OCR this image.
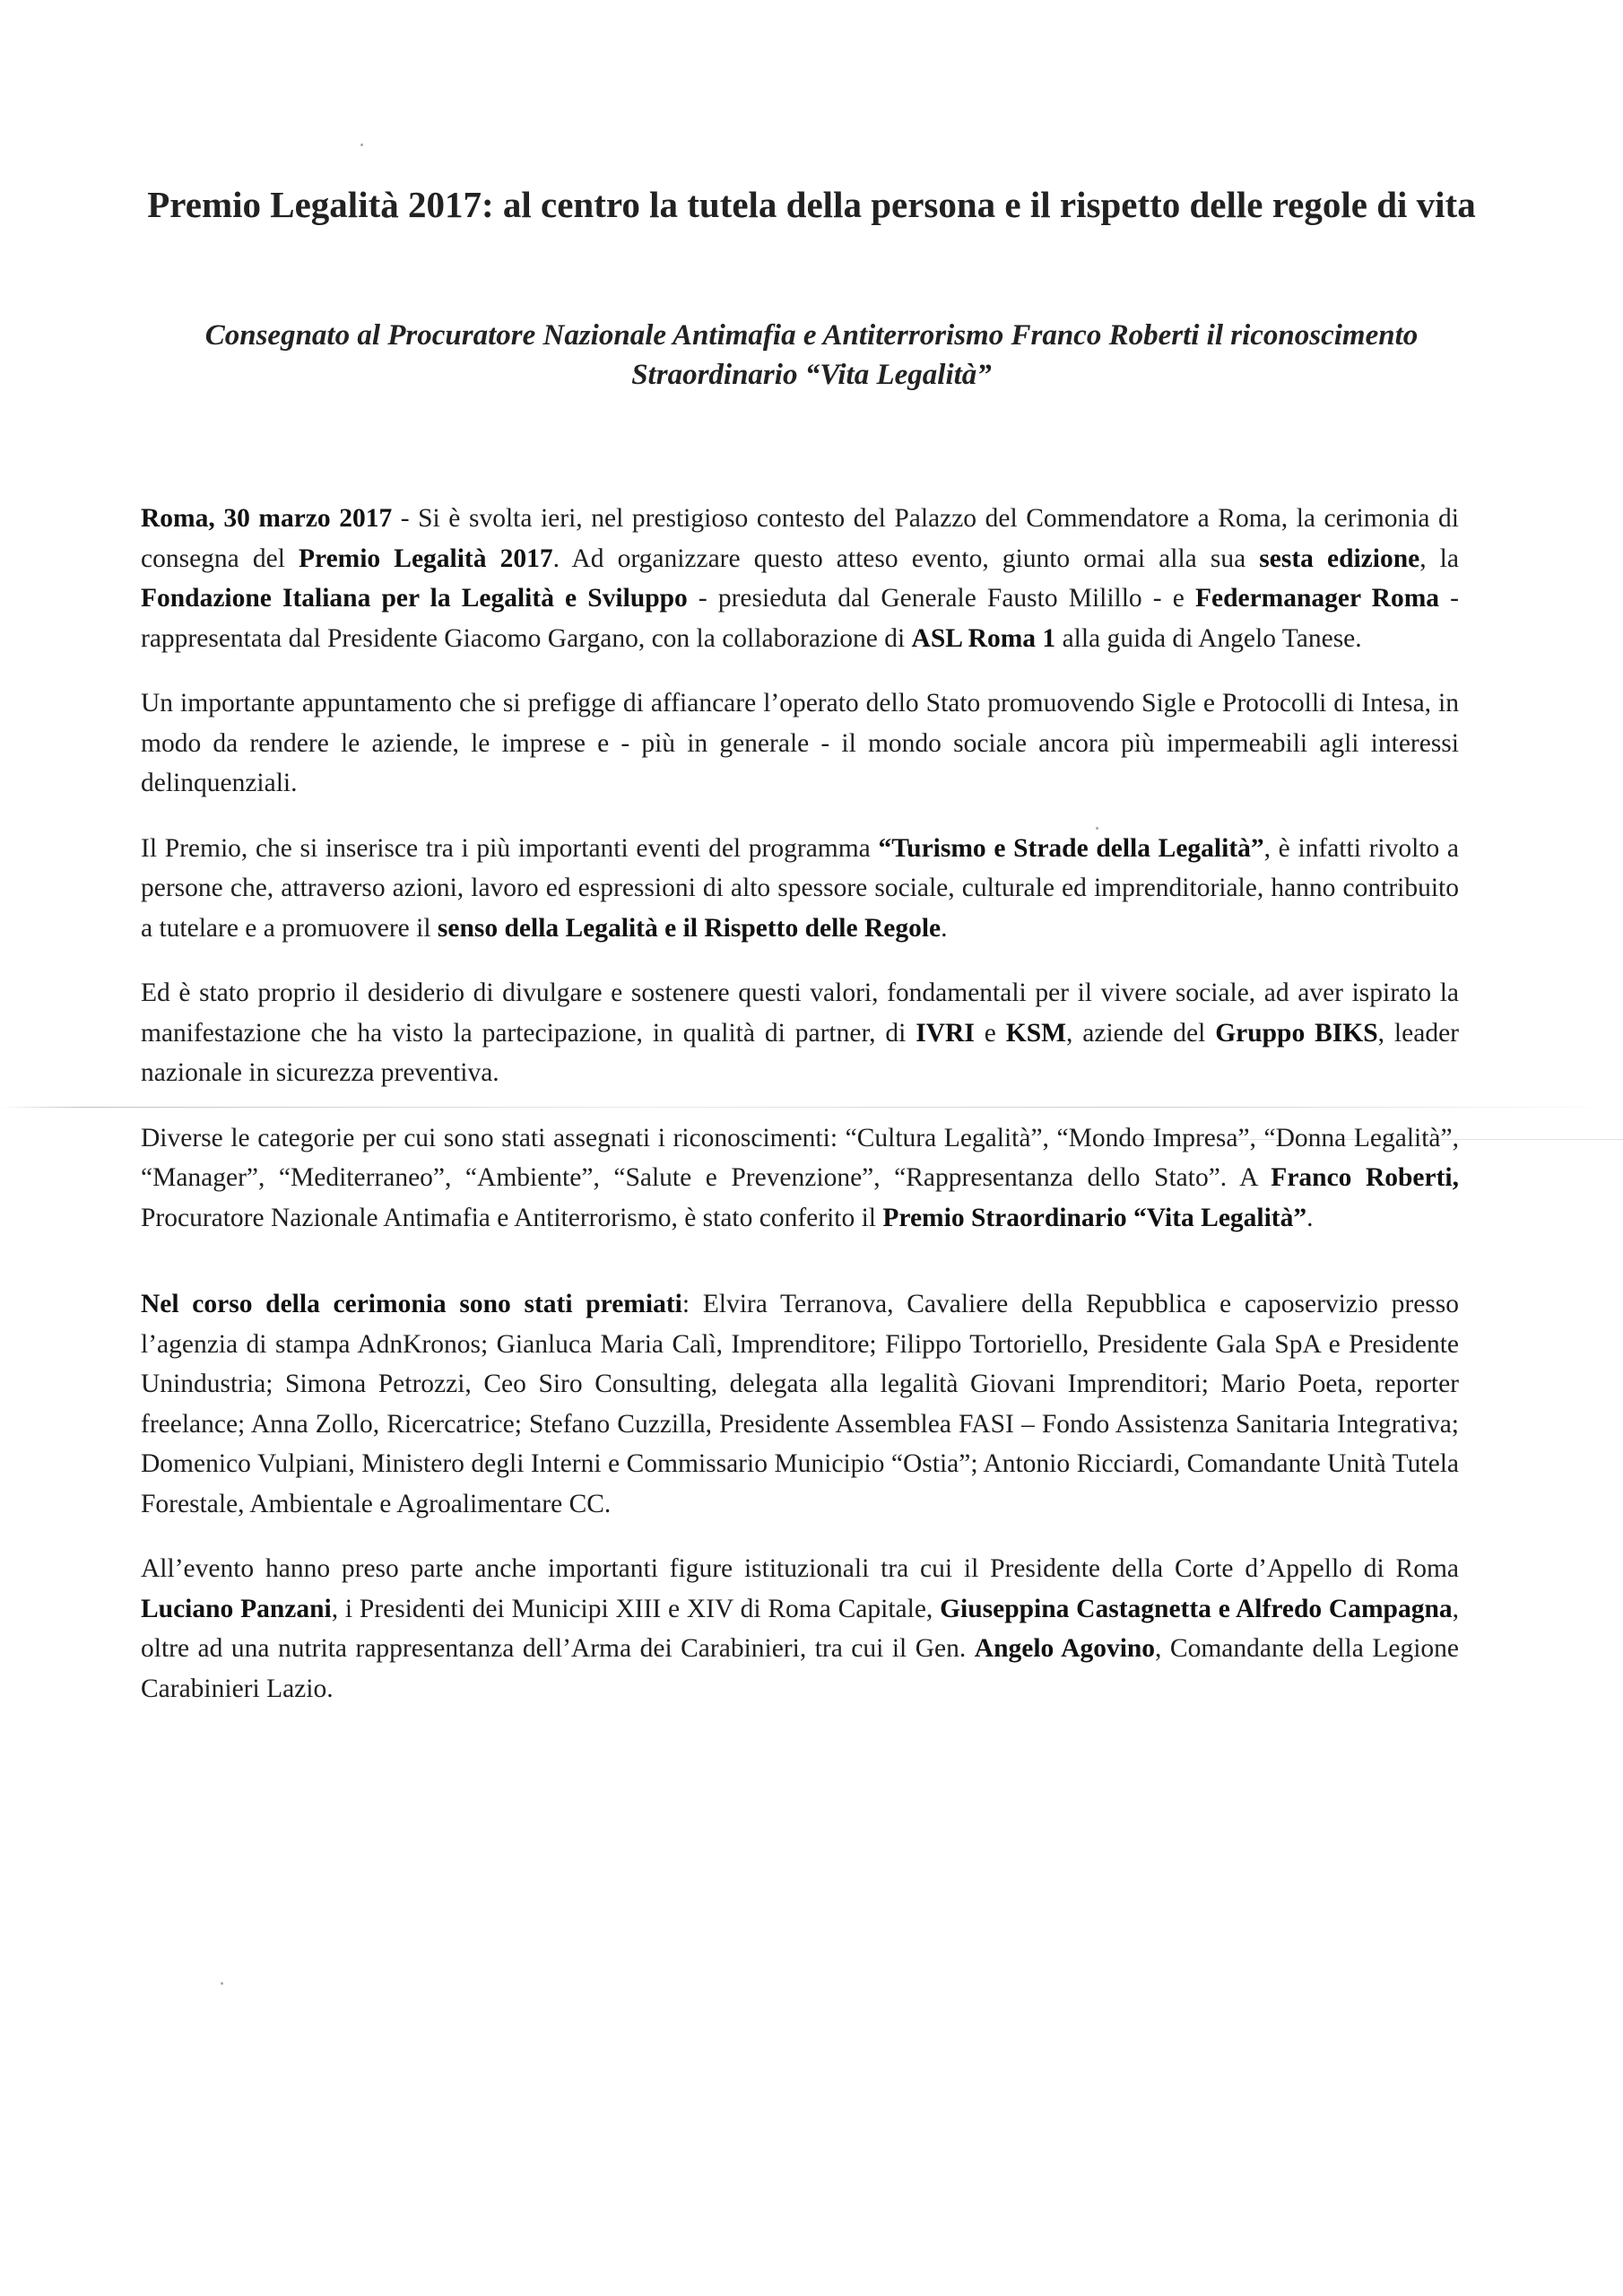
Premio Legalità 2017: al centro la tutela della persona e il rispetto delle regole di vita
Consegnato al Procuratore Nazionale Antimafia e Antiterrorismo Franco Roberti il riconoscimento Straordinario “Vita Legalità”

Roma, 30 marzo 2017 - Si è svolta ieri, nel prestigioso contesto del Palazzo del Commendatore a Roma, la cerimonia di consegna del Premio Legalità 2017. Ad organizzare questo atteso evento, giunto ormai alla sua sesta edizione, la Fondazione Italiana per la Legalità e Sviluppo - presieduta dal Generale Fausto Milillo - e Federmanager Roma - rappresentata dal Presidente Giacomo Gargano, con la collaborazione di ASL Roma 1 alla guida di Angelo Tanese.

Un importante appuntamento che si prefigge di affiancare l’operato dello Stato promuovendo Sigle e Protocolli di Intesa, in modo da rendere le aziende, le imprese e - più in generale - il mondo sociale ancora più impermeabili agli interessi delinquenziali.

Il Premio, che si inserisce tra i più importanti eventi del programma “Turismo e Strade della Legalità”, è infatti rivolto a persone che, attraverso azioni, lavoro ed espressioni di alto spessore sociale, culturale ed imprenditoriale, hanno contribuito a tutelare e a promuovere il senso della Legalità e il Rispetto delle Regole.

Ed è stato proprio il desiderio di divulgare e sostenere questi valori, fondamentali per il vivere sociale, ad aver ispirato la manifestazione che ha visto la partecipazione, in qualità di partner, di IVRI e KSM, aziende del Gruppo BIKS, leader nazionale in sicurezza preventiva.

Diverse le categorie per cui sono stati assegnati i riconoscimenti: “Cultura Legalità”, “Mondo Impresa”, “Donna Legalità”, “Manager”, “Mediterraneo”, “Ambiente”, “Salute e Prevenzione”, “Rappresentanza dello Stato”. A Franco Roberti, Procuratore Nazionale Antimafia e Antiterrorismo, è stato conferito il Premio Straordinario “Vita Legalità”.

Nel corso della cerimonia sono stati premiati: Elvira Terranova, Cavaliere della Repubblica e caposervizio presso l’agenzia di stampa AdnKronos; Gianluca Maria Calì, Imprenditore; Filippo Tortoriello, Presidente Gala SpA e Presidente Unindustria; Simona Petrozzi, Ceo Siro Consulting, delegata alla legalità Giovani Imprenditori; Mario Poeta, reporter freelance; Anna Zollo, Ricercatrice; Stefano Cuzzilla, Presidente Assemblea FASI – Fondo Assistenza Sanitaria Integrativa; Domenico Vulpiani, Ministero degli Interni e Commissario Municipio “Ostia”; Antonio Ricciardi, Comandante Unità Tutela Forestale, Ambientale e Agroalimentare CC.

All’evento hanno preso parte anche importanti figure istituzionali tra cui il Presidente della Corte d’Appello di Roma Luciano Panzani, i Presidenti dei Municipi XIII e XIV di Roma Capitale, Giuseppina Castagnetta e Alfredo Campagna, oltre ad una nutrita rappresentanza dell’Arma dei Carabinieri, tra cui il Gen. Angelo Agovino, Comandante della Legione Carabinieri Lazio.
